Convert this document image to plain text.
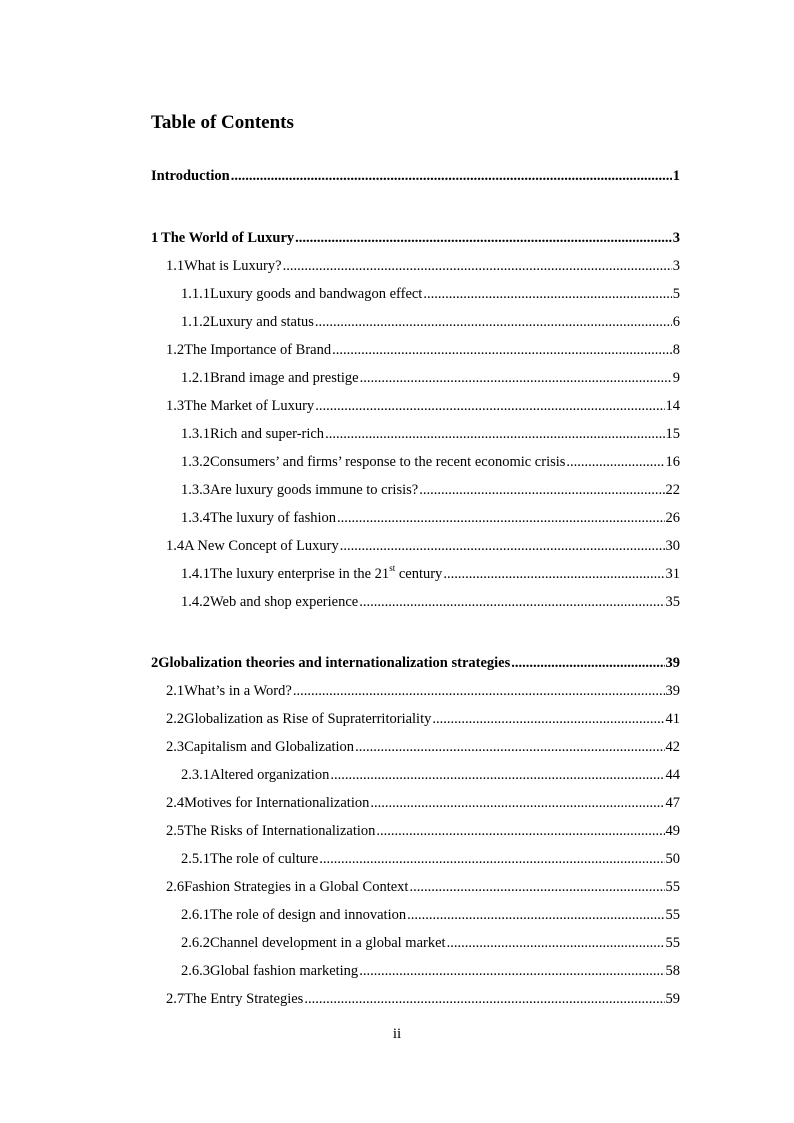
Table of Contents
Introduction .....	1
1 The World of Luxury .....	3
1.1 What is Luxury? .....	3
1.1.1 Luxury goods and bandwagon effect .....	5
1.1.2 Luxury and status .....	6
1.2 The Importance of Brand .....	8
1.2.1 Brand image and prestige .....	9
1.3 The Market of Luxury .....	14
1.3.1 Rich and super-rich .....	15
1.3.2 Consumers’ and firms’ response to the recent economic crisis .....	16
1.3.3 Are luxury goods immune to crisis? .....	22
1.3.4 The luxury of fashion .....	26
1.4 A New Concept of Luxury .....	30
1.4.1 The luxury enterprise in the 21st century .....	31
1.4.2 Web and shop experience .....	35
2 Globalization theories and internationalization strategies .....	39
2.1 What’s in a Word? .....	39
2.2 Globalization as Rise of Supraterritoriality .....	41
2.3 Capitalism and Globalization .....	42
2.3.1 Altered organization .....	44
2.4 Motives for Internationalization .....	47
2.5 The Risks of Internationalization .....	49
2.5.1 The role of culture .....	50
2.6 Fashion Strategies in a Global Context .....	55
2.6.1 The role of design and innovation .....	55
2.6.2 Channel development in a global market .....	55
2.6.3 Global fashion marketing .....	58
2.7 The Entry Strategies .....	59
ii
